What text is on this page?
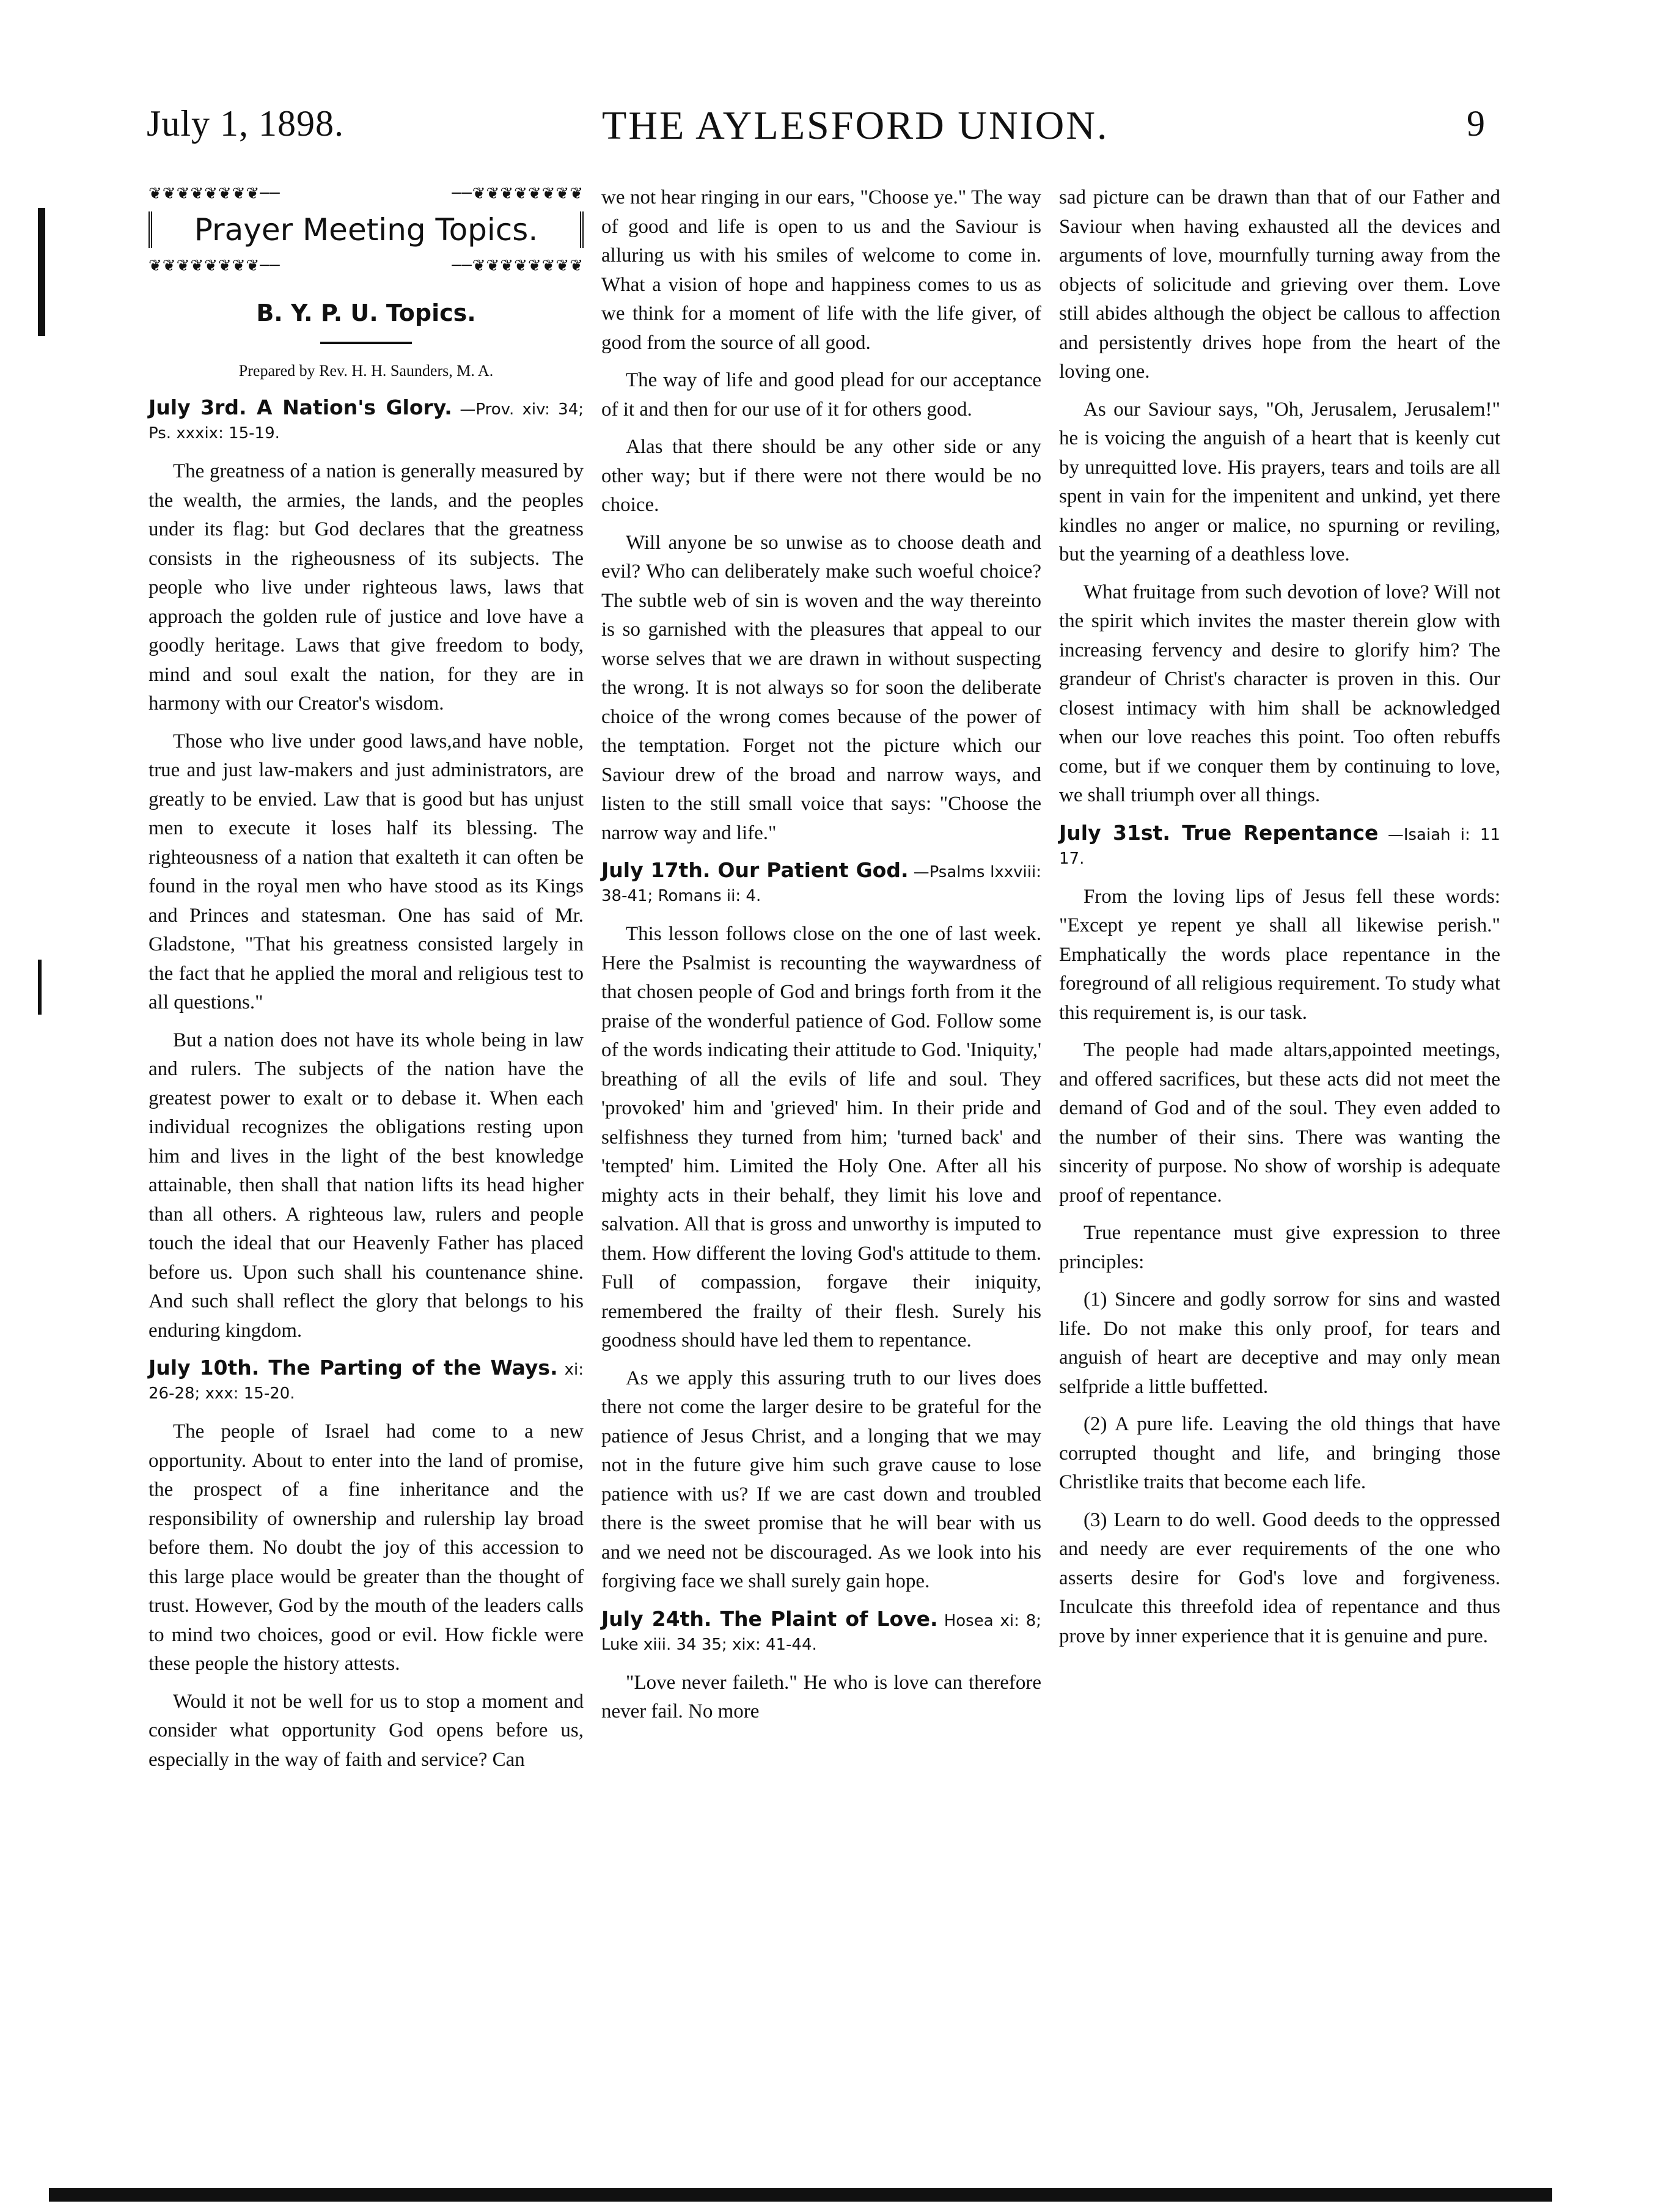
July 1, 1898.	THE AYLESFORD UNION.	9
❦❦❦❦❦❦❦❦──	──❦❦❦❦❦❦❦❦
Prayer Meeting Topics.
❦❦❦❦❦❦❦❦──	──❦❦❦❦❦❦❦❦
B. Y. P. U. Topics.
Prepared by Rev. H. H. Saunders, M. A.
July 3rd. A Nation's Glory. —Prov. xiv: 34; Ps. xxxix: 15-19.

The greatness of a nation is generally measured by the wealth, the armies, the lands, and the peoples under its flag: but God declares that the greatness consists in the righeousness of its subjects. The people who live under righteous laws, laws that approach the golden rule of justice and love have a goodly heritage. Laws that give freedom to body, mind and soul exalt the nation, for they are in harmony with our Creator's wisdom.

Those who live under good laws,and have noble, true and just law-makers and just administrators, are greatly to be envied. Law that is good but has unjust men to execute it loses half its blessing. The righteousness of a nation that exalteth it can often be found in the royal men who have stood as its Kings and Princes and statesman. One has said of Mr. Gladstone, "That his greatness consisted largely in the fact that he applied the moral and religious test to all questions."

But a nation does not have its whole being in law and rulers. The subjects of the nation have the greatest power to exalt or to debase it. When each individual recognizes the obligations resting upon him and lives in the light of the best knowledge attainable, then shall that nation lifts its head higher than all others. A righteous law, rulers and people touch the ideal that our Heavenly Father has placed before us. Upon such shall his countenance shine. And such shall reflect the glory that belongs to his enduring kingdom.

July 10th. The Parting of the Ways. xi: 26-28; xxx: 15-20.

The people of Israel had come to a new opportunity. About to enter into the land of promise, the prospect of a fine inheritance and the responsibility of ownership and rulership lay broad before them. No doubt the joy of this accession to this large place would be greater than the thought of trust. However, God by the mouth of the leaders calls to mind two choices, good or evil. How fickle were these people the history attests.

Would it not be well for us to stop a moment and consider what opportunity God opens before us, especially in the way of faith and service? Can

we not hear ringing in our ears, "Choose ye." The way of good and life is open to us and the Saviour is alluring us with his smiles of welcome to come in. What a vision of hope and happiness comes to us as we think for a moment of life with the life giver, of good from the source of all good.

The way of life and good plead for our acceptance of it and then for our use of it for others good.

Alas that there should be any other side or any other way; but if there were not there would be no choice.

Will anyone be so unwise as to choose death and evil? Who can deliberately make such woeful choice? The subtle web of sin is woven and the way thereinto is so garnished with the pleasures that appeal to our worse selves that we are drawn in without suspecting the wrong. It is not always so for soon the deliberate choice of the wrong comes because of the power of the temptation. Forget not the picture which our Saviour drew of the broad and narrow ways, and listen to the still small voice that says: "Choose the narrow way and life."

July 17th. Our Patient God. —Psalms lxxviii: 38-41; Romans ii: 4.

This lesson follows close on the one of last week. Here the Psalmist is recounting the waywardness of that chosen people of God and brings forth from it the praise of the wonderful patience of God. Follow some of the words indicating their attitude to God. 'Iniquity,' breathing of all the evils of life and soul. They 'provoked' him and 'grieved' him. In their pride and selfishness they turned from him; 'turned back' and 'tempted' him. Limited the Holy One. After all his mighty acts in their behalf, they limit his love and salvation. All that is gross and unworthy is imputed to them. How different the loving God's attitude to them. Full of compassion, forgave their iniquity, remembered the frailty of their flesh. Surely his goodness should have led them to repentance.

As we apply this assuring truth to our lives does there not come the larger desire to be grateful for the patience of Jesus Christ, and a longing that we may not in the future give him such grave cause to lose patience with us? If we are cast down and troubled there is the sweet promise that he will bear with us and we need not be discouraged. As we look into his forgiving face we shall surely gain hope.

July 24th. The Plaint of Love. Hosea xi: 8; Luke xiii. 34 35; xix: 41-44.

"Love never faileth." He who is love can therefore never fail. No more

sad picture can be drawn than that of our Father and Saviour when having exhausted all the devices and arguments of love, mournfully turning away from the objects of solicitude and grieving over them. Love still abides although the object be callous to affection and persistently drives hope from the heart of the loving one.

As our Saviour says, "Oh, Jerusalem, Jerusalem!" he is voicing the anguish of a heart that is keenly cut by unrequitted love. His prayers, tears and toils are all spent in vain for the impenitent and unkind, yet there kindles no anger or malice, no spurning or reviling, but the yearning of a deathless love.

What fruitage from such devotion of love? Will not the spirit which invites the master therein glow with increasing fervency and desire to glorify him? The grandeur of Christ's character is proven in this. Our closest intimacy with him shall be acknowledged when our love reaches this point. Too often rebuffs come, but if we conquer them by continuing to love, we shall triumph over all things.

July 31st. True Repentance —Isaiah i: 11 17.

From the loving lips of Jesus fell these words: "Except ye repent ye shall all likewise perish." Emphatically the words place repentance in the foreground of all religious requirement. To study what this requirement is, is our task.

The people had made altars,appointed meetings, and offered sacrifices, but these acts did not meet the demand of God and of the soul. They even added to the number of their sins. There was wanting the sincerity of purpose. No show of worship is adequate proof of repentance.

True repentance must give expression to three principles:

(1) Sincere and godly sorrow for sins and wasted life. Do not make this only proof, for tears and anguish of heart are deceptive and may only mean selfpride a little buffetted.

(2) A pure life. Leaving the old things that have corrupted thought and life, and bringing those Christlike traits that become each life.

(3) Learn to do well. Good deeds to the oppressed and needy are ever requirements of the one who asserts desire for God's love and forgiveness. Inculcate this threefold idea of repentance and thus prove by inner experience that it is genuine and pure.
